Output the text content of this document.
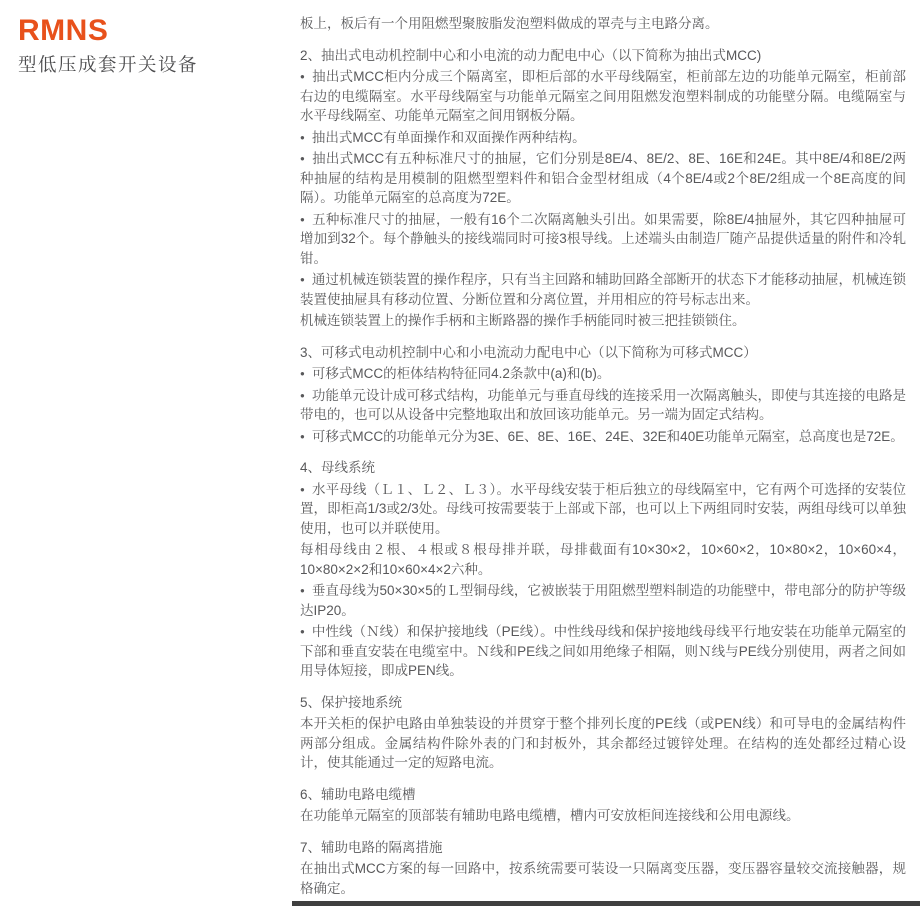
RMNS
型低压成套开关设备

板上，板后有一个用阻燃型聚胺脂发泡塑料做成的罩壳与主电路分离。

2、抽出式电动机控制中心和小电流的动力配电中心（以下简称为抽出式MCC)

● 抽出式MCC柜内分成三个隔离室，即柜后部的水平母线隔室，柜前部左边的功能单元隔室，柜前部右边的电缆隔室。水平母线隔室与功能单元隔室之间用阻燃发泡塑料制成的功能壁分隔。电缆隔室与水平母线隔室、功能单元隔室之间用钢板分隔。

● 抽出式MCC有单面操作和双面操作两种结构。

● 抽出式MCC有五种标准尺寸的抽屉，它们分别是8E/4、8E/2、8E、16E和24E。其中8E/4和8E/2两种抽屉的结构是用模制的阻燃型塑料件和铝合金型材组成（4个8E/4或2个8E/2组成一个8E高度的间隔）。功能单元隔室的总高度为72E。

● 五种标准尺寸的抽屉，一般有16个二次隔离触头引出。如果需要，除8E/4抽屉外，其它四种抽屉可增加到32个。每个静触头的接线端同时可接3根导线。上述端头由制造厂随产品提供适量的附件和冷轧钳。

● 通过机械连锁装置的操作程序，只有当主回路和辅助回路全部断开的状态下才能移动抽屉，机械连锁装置使抽屉具有移动位置、分断位置和分离位置，并用相应的符号标志出来。

机械连锁装置上的操作手柄和主断路器的操作手柄能同时被三把挂锁锁住。

3、可移式电动机控制中心和小电流动力配电中心（以下简称为可移式MCC）

● 可移式MCC的柜体结构特征同4.2条款中(a)和(b)。

● 功能单元设计成可移式结构，功能单元与垂直母线的连接采用一次隔离触头，即使与其连接的电路是带电的，也可以从设备中完整地取出和放回该功能单元。另一端为固定式结构。

● 可移式MCC的功能单元分为3E、6E、8E、16E、24E、32E和40E功能单元隔室，总高度也是72E。

4、母线系统

● 水平母线（Ｌ１、Ｌ２、Ｌ３）。水平母线安装于柜后独立的母线隔室中，它有两个可选择的安装位置，即柜高1/3或2/3处。母线可按需要装于上部或下部，也可以上下两组同时安装，两组母线可以单独使用，也可以并联使用。

每相母线由２根、４根或８根母排并联，母排截面有10×30×2，10×60×2，10×80×2，10×60×4，10×80×2×2和10×60×4×2六种。

● 垂直母线为50×30×5的Ｌ型铜母线，它被嵌装于用阻燃型塑料制造的功能壁中，带电部分的防护等级达IP20。

● 中性线（Ｎ线）和保护接地线（PE线）。中性线母线和保护接地线母线平行地安装在功能单元隔室的下部和垂直安装在电缆室中。Ｎ线和PE线之间如用绝缘子相隔，则Ｎ线与PE线分别使用，两者之间如用导体短接，即成PEN线。

5、保护接地系统

本开关柜的保护电路由单独装设的并贯穿于整个排列长度的PE线（或PEN线）和可导电的金属结构件两部分组成。金属结构件除外表的门和封板外，其余都经过镀锌处理。在结构的连处都经过精心设计，使其能通过一定的短路电流。

6、辅助电路电缆槽

在功能单元隔室的顶部装有辅助电路电缆槽，槽内可安放柜间连接线和公用电源线。

7、辅助电路的隔离措施

在抽出式MCC方案的每一回路中，按系统需要可装设一只隔离变压器，变压器容量较交流接触器，规格确定。
